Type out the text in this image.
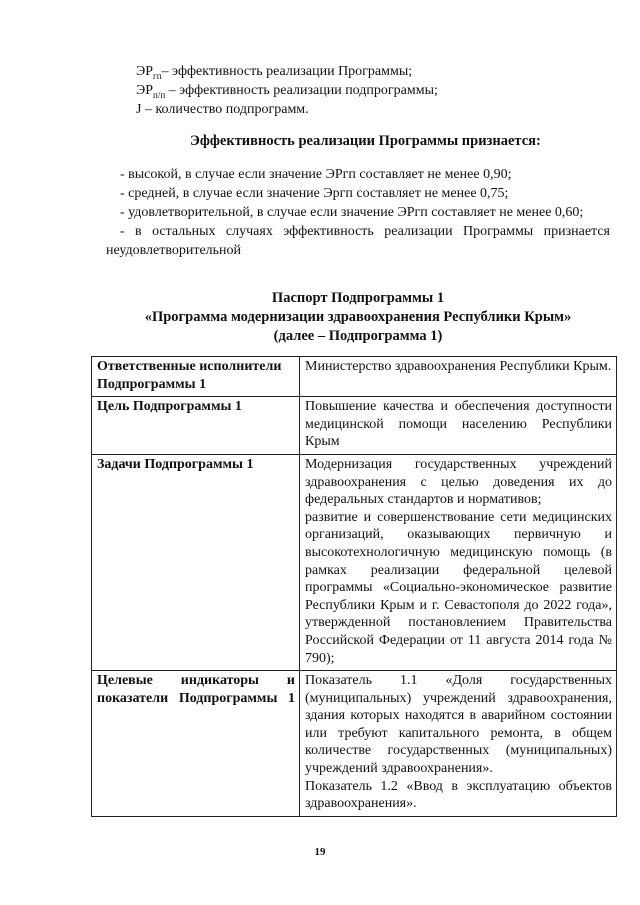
$ЭР_{гп}-$ эффективность реализации Программы;
$ЭР_{п/п}$ – эффективность реализации подпрограммы;
J – количество подпрограмм.
Эффективность реализации Программы признается:

- высокой, в случае если значение ЭРгп составляет не менее 0,90;

- средней, в случае если значение Эргп составляет не менее 0,75;

- удовлетворительной, в случае если значение ЭРгп составляет не менее 0,60;

- в остальных случаях эффективность реализации Программы признается неудовлетворительной

Паспорт Подпрограммы 1
«Программа модернизации здравоохранения Республики Крым»
(далее – Подпрограмма 1)
Ответственные исполнители Подпрограммы 1	Министерство здравоохранения Республики Крым.

Цель Подпрограммы 1	Повышение качества и обеспечения доступности медицинской помощи населению Республики Крым

Задачи Подпрограммы 1	Модернизация государственных учреждений здравоохранения с целью доведения их до федеральных стандартов и нормативов;
развитие и совершенствование сети медицинских организаций, оказывающих первичную и высокотехнологичную медицинскую помощь (в рамках реализации федеральной целевой программы «Социально-экономическое развитие Республики Крым и г. Севастополя до 2022 года», утвержденной постановлением Правительства Российской Федерации от 11 августа 2014 года № 790);

Целевые индикаторы и показатели Подпрограммы 1	Показатель 1.1 «Доля государственных (муниципальных) учреждений здравоохранения, здания которых находятся в аварийном состоянии или требуют капитального ремонта, в общем количестве государственных (муниципальных) учреждений здравоохранения».
Показатель 1.2 «Ввод в эксплуатацию объектов здравоохранения».
19
